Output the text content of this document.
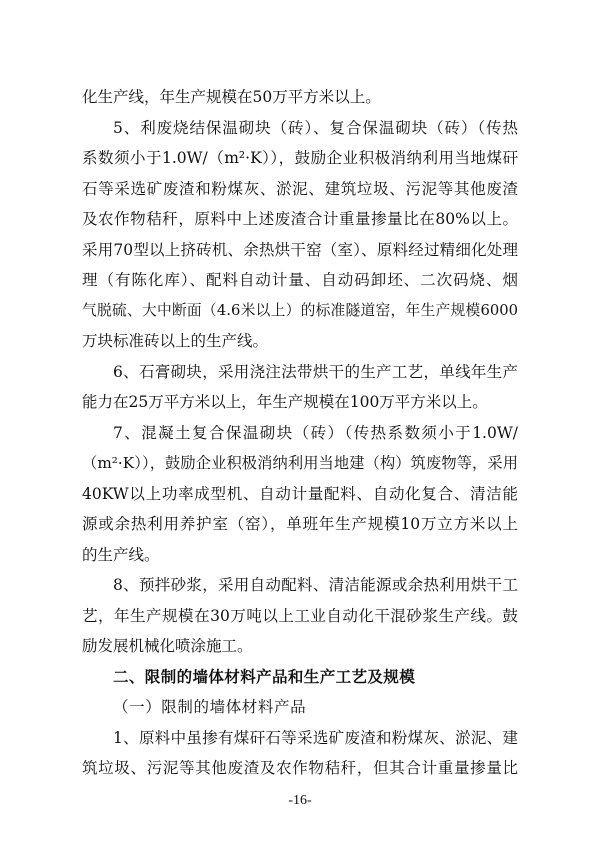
化生产线，年生产规模在50万平方米以上。
5、利废烧结保温砌块（砖）、复合保温砌块（砖）（传热
系数须小于1.0W/（m²·K）），鼓励企业积极消纳利用当地煤矸
石等采选矿废渣和粉煤灰、淤泥、建筑垃圾、污泥等其他废渣
及农作物秸秆，原料中上述废渣合计重量掺量比在80%以上。
采用70型以上挤砖机、余热烘干窑（室）、原料经过精细化处理
理（有陈化库）、配料自动计量、自动码卸坯、二次码烧、烟
气脱硫、大中断面（4.6米以上）的标准隧道窑，年生产规模6000
万块标准砖以上的生产线。
6、石膏砌块，采用浇注法带烘干的生产工艺，单线年生产
能力在25万平方米以上，年生产规模在100万平方米以上。
7、混凝土复合保温砌块（砖）（传热系数须小于1.0W/
（m²·K）），鼓励企业积极消纳利用当地建（构）筑废物等，采用
40KW以上功率成型机、自动计量配料、自动化复合、清洁能
源或余热利用养护室（窑），单班年生产规模10万立方米以上
的生产线。
8、预拌砂浆，采用自动配料、清洁能源或余热利用烘干工
艺，年生产规模在30万吨以上工业自动化干混砂浆生产线。鼓
励发展机械化喷涂施工。
二、限制的墙体材料产品和生产工艺及规模
（一）限制的墙体材料产品
1、原料中虽掺有煤矸石等采选矿废渣和粉煤灰、淤泥、建
筑垃圾、污泥等其他废渣及农作物秸秆，但其合计重量掺量比
-16-
